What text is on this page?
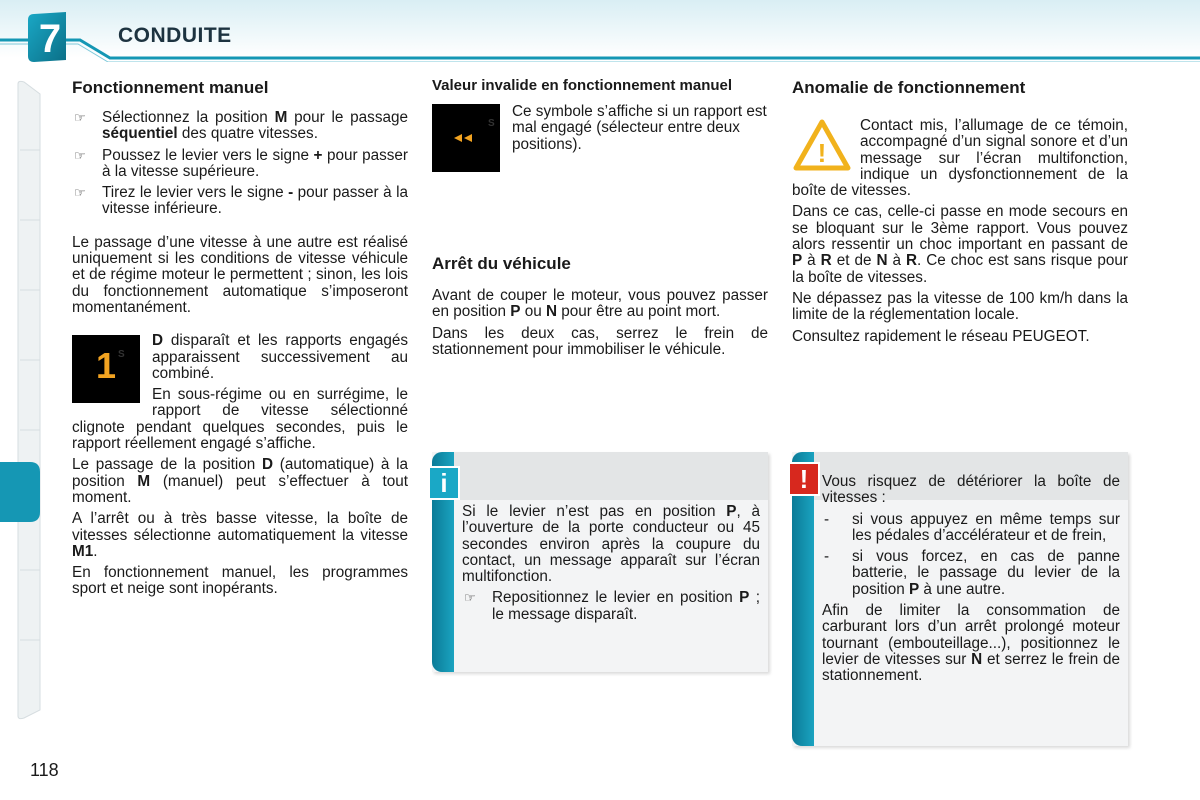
7	CONDUITE
Fonctionnement manuel
☞	Sélectionnez la position M pour le passage séquentiel des quatre vitesses.
☞	Poussez le levier vers le signe + pour passer à la vitesse supérieure.
☞	Tirez le levier vers le signe - pour passer à la vitesse inférieure.

Le passage d’une vitesse à une autre est réalisé uniquement si les conditions de vitesse véhicule et de régime moteur le permettent ; sinon, les lois du fonctionnement automatique s’imposeront momentanément.

1 S

D disparaît et les rapports engagés apparaissent successivement au combiné.

En sous-régime ou en surrégime, le rapport de vitesse sélectionné clignote pendant quelques secondes, puis le rapport réellement engagé s’affiche.

Le passage de la position D (automatique) à la position M (manuel) peut s’effectuer à tout moment.

A l’arrêt ou à très basse vitesse, la boîte de vitesses sélectionne automatiquement la vitesse M1.

En fonctionnement manuel, les programmes sport et neige sont inopérants.

Valeur invalide en fonctionnement manuel
S

Ce symbole s’affiche si un rapport est mal engagé (sélecteur entre deux positions).

Arrêt du véhicule

Avant de couper le moteur, vous pouvez passer en position P ou N pour être au point mort.

Dans les deux cas, serrez le frein de stationnement pour immobiliser le véhicule.

i

Si le levier n’est pas en position P, à l’ouverture de la porte conducteur ou 45 secondes environ après la coupure du contact, un message apparaît sur l’écran multifonction.

☞	Repositionnez le levier en position P ; le message disparaît.
Anomalie de fonctionnement
!

Contact mis, l’allumage de ce témoin, accompagné d’un signal sonore et d’un message sur l’écran multifonction, indique un dysfonctionnement de la boîte de vitesses.

Dans ce cas, celle-ci passe en mode secours en se bloquant sur le 3ème rapport. Vous pouvez alors ressentir un choc important en passant de P à R et de N à R. Ce choc est sans risque pour la boîte de vitesses.

Ne dépassez pas la vitesse de 100 km/h dans la limite de la réglementation locale.

Consultez rapidement le réseau PEUGEOT.

! Vous risquez de détériorer la boîte de vitesses :

-	si vous appuyez en même temps sur les pédales d’accélérateur et de frein,
-	si vous forcez, en cas de panne batterie, le passage du levier de la position P à une autre.

Afin de limiter la consommation de carburant lors d’un arrêt prolongé moteur tournant (embouteillage...), positionnez le levier de vitesses sur N et serrez le frein de stationnement.

118
